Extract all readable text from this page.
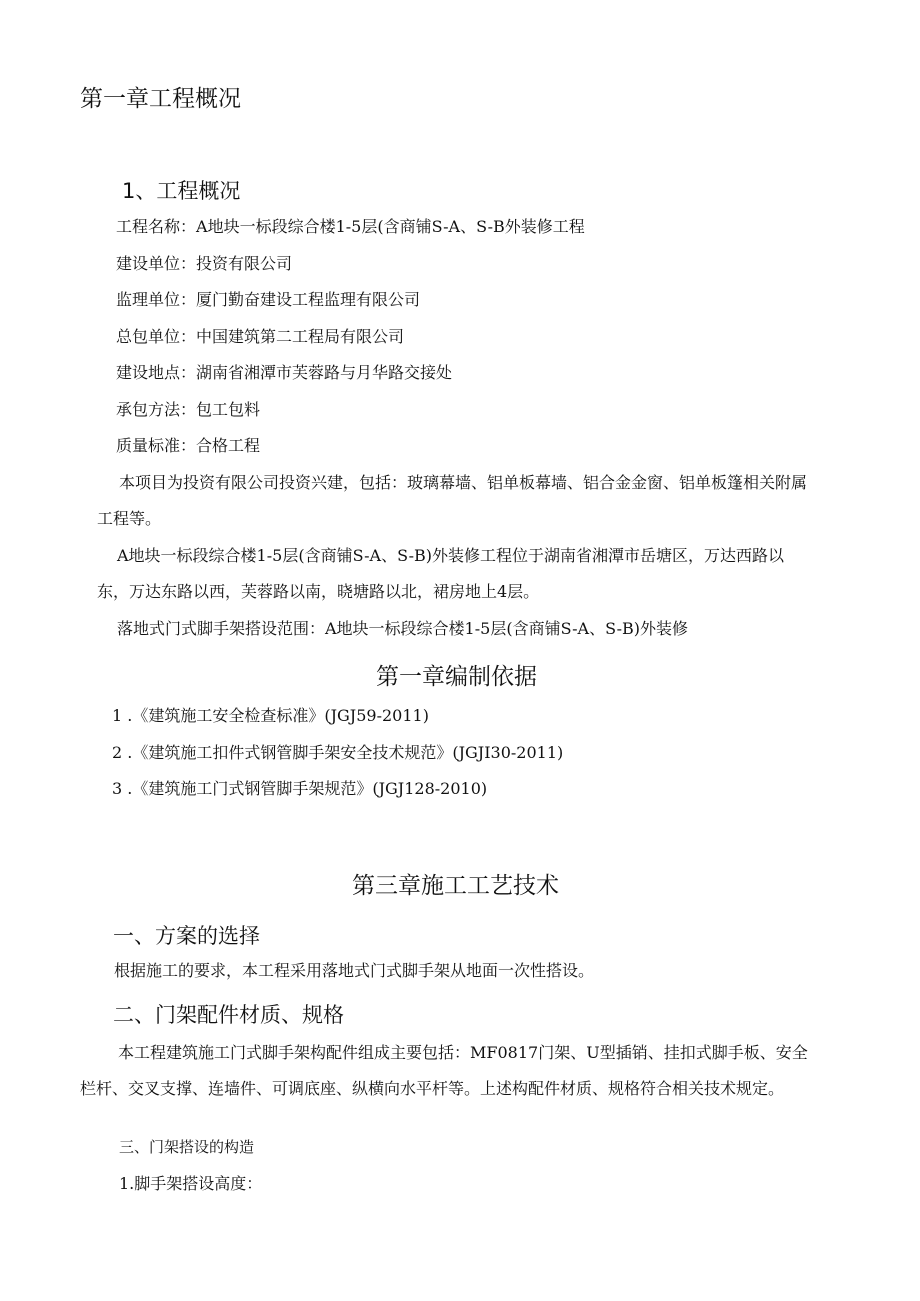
第一章工程概况
1、工程概况
工程名称：A地块一标段综合楼1-5层(含商铺S-A、S-B外装修工程
建设单位：投资有限公司
监理单位：厦门勤奋建设工程监理有限公司
总包单位：中国建筑第二工程局有限公司
建设地点：湖南省湘潭市芙蓉路与月华路交接处
承包方法：包工包料
质量标准：合格工程
本项目为投资有限公司投资兴建，包括：玻璃幕墙、铝单板幕墙、铝合金金窗、铝单板篷相关附属
工程等。
A地块一标段综合楼1-5层(含商铺S-A、S-B)外装修工程位于湖南省湘潭市岳塘区，万达西路以
东，万达东路以西，芙蓉路以南，晓塘路以北，裙房地上4层。
落地式门式脚手架搭设范围：A地块一标段综合楼1-5层(含商铺S-A、S-B)外装修
第一章编制依据
1 .《建筑施工安全检查标准》(JGJ59-2011)
2 .《建筑施工扣件式钢管脚手架安全技术规范》(JGJI30-2011)
3 .《建筑施工门式钢管脚手架规范》(JGJ128-2010)
第三章施工工艺技术
一、方案的选择
根据施工的要求，本工程采用落地式门式脚手架从地面一次性搭设。
二、门架配件材质、规格
本工程建筑施工门式脚手架构配件组成主要包括：MF0817门架、U型插销、挂扣式脚手板、安全
栏杆、交叉支撑、连墙件、可调底座、纵横向水平杆等。上述构配件材质、规格符合相关技术规定。
三、门架搭设的构造
1.脚手架搭设高度：
